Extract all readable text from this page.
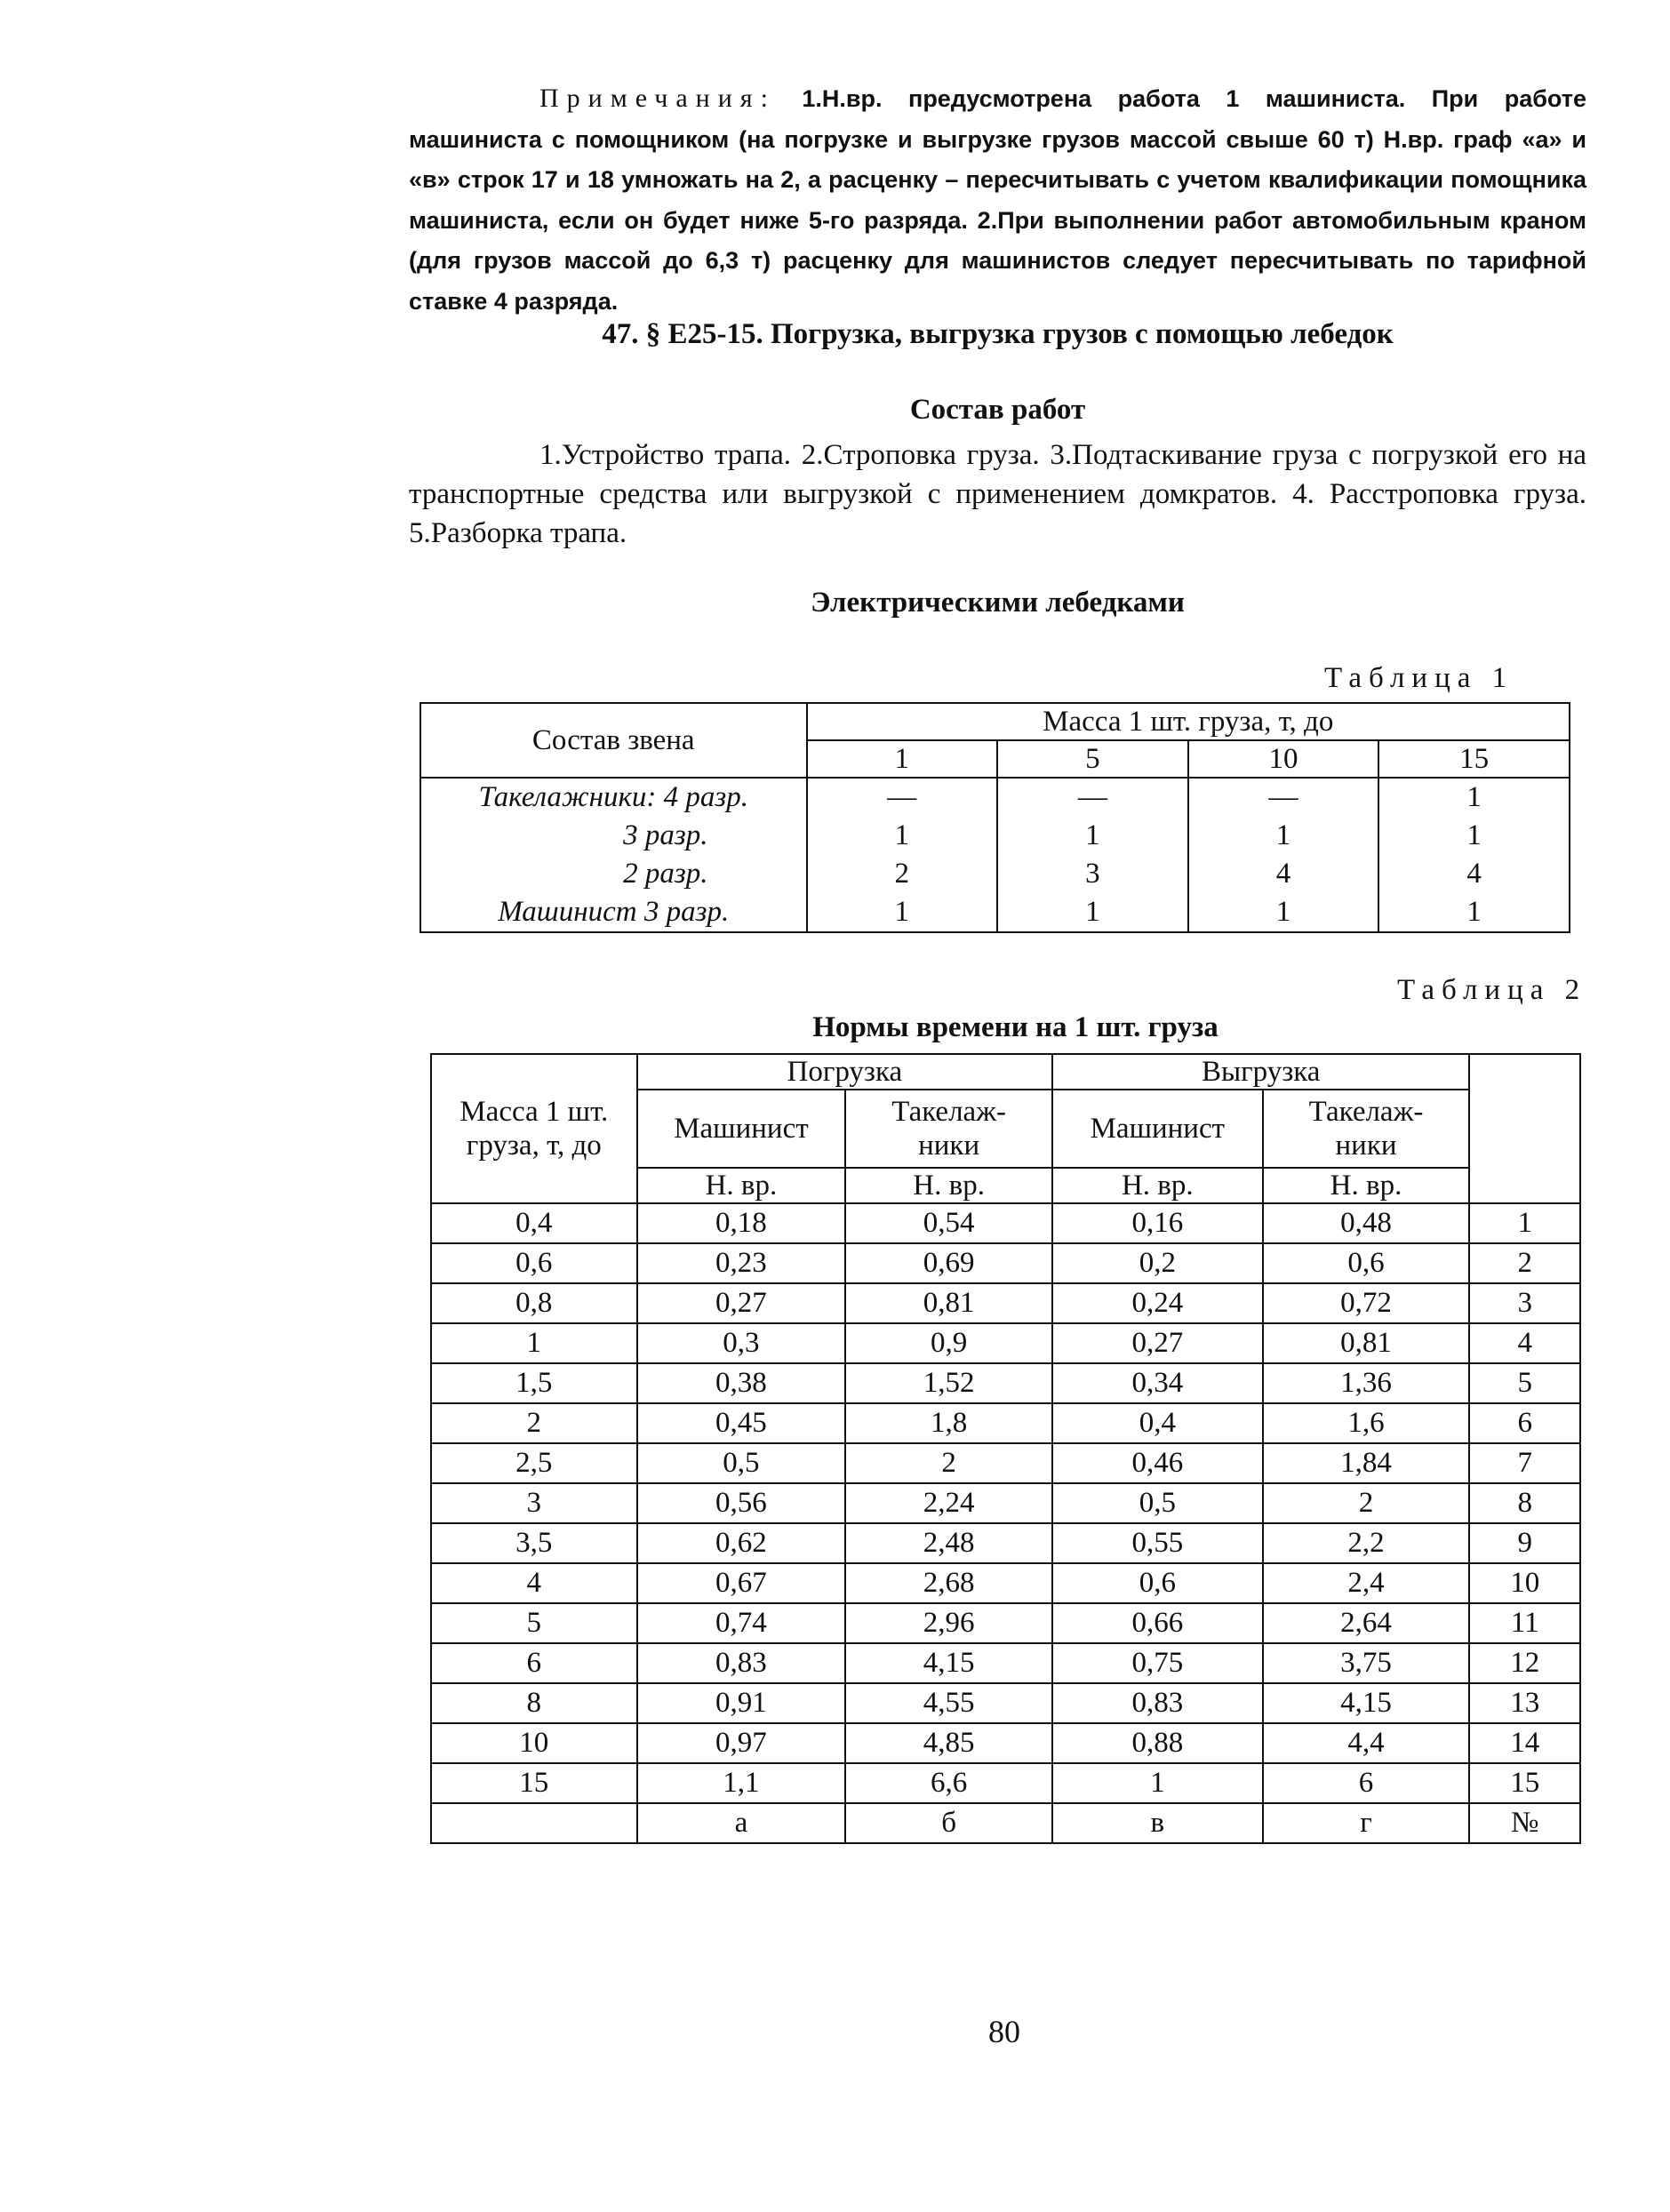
Примечания: 1.Н.вр. предусмотрена работа 1 машиниста. При работе машиниста с помощником (на погрузке и выгрузке грузов массой свыше 60 т) Н.вр. граф «а» и «в» строк 17 и 18 умножать на 2, а расценку – пересчитывать с учетом квалификации помощника машиниста, если он будет ниже 5-го разряда. 2.При выполнении работ автомобильным краном (для грузов массой до 6,3 т) расценку для машинистов следует пересчитывать по тарифной ставке 4 разряда.

47. § Е25-15. Погрузка, выгрузка грузов с помощью лебедок
Состав работ

1.Устройство трапа. 2.Строповка груза. 3.Подтаскивание груза с погрузкой его на транспортные средства или выгрузкой с применением домкратов. 4. Расстроповка груза. 5.Разборка трапа.

Электрическими лебедками
Таблица 1
Состав звена	Масса 1 шт. груза, т, до			
	1	5	10	15
Такелажники: 4 разр.	—	—	—	1
3 разр.	1	1	1	1
2 разр.	2	3	4	4
Машинист 3 разр.	1	1	1	1
Таблица 2
Нормы времени на 1 шт. груза
Масса 1 шт. груза, т, до	Погрузка		Выгрузка		
	Машинист	Такелаж-ники	Машинист	Такелаж-ники	
	Н. вр.	Н. вр.	Н. вр.	Н. вр.	
0,4	0,18	0,54	0,16	0,48	1
0,6	0,23	0,69	0,2	0,6	2
0,8	0,27	0,81	0,24	0,72	3
1	0,3	0,9	0,27	0,81	4
1,5	0,38	1,52	0,34	1,36	5
2	0,45	1,8	0,4	1,6	6
2,5	0,5	2	0,46	1,84	7
3	0,56	2,24	0,5	2	8
3,5	0,62	2,48	0,55	2,2	9
4	0,67	2,68	0,6	2,4	10
5	0,74	2,96	0,66	2,64	11
6	0,83	4,15	0,75	3,75	12
8	0,91	4,55	0,83	4,15	13
10	0,97	4,85	0,88	4,4	14
15	1,1	6,6	1	6	15
	а	б	в	г	№
80
